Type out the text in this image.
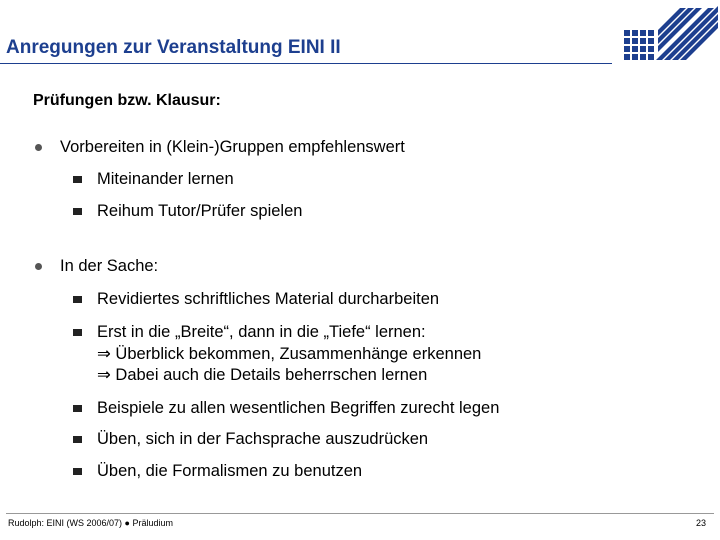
Anregungen zur Veranstaltung EINI II
Prüfungen bzw. Klausur:
Vorbereiten in (Klein-)Gruppen empfehlenswert
Miteinander lernen
Reihum Tutor/Prüfer spielen
In der Sache:
Revidiertes schriftliches Material durcharbeiten
Erst in die „Breite“, dann in die „Tiefe“ lernen:
⇒ Überblick bekommen, Zusammenhänge erkennen
⇒ Dabei auch die Details beherrschen lernen
Beispiele zu allen wesentlichen Begriffen zurecht legen
Üben, sich in der Fachsprache auszudrücken
Üben, die Formalismen zu benutzen
Rudolph: EINI (WS 2006/07) ● Präludium	23
